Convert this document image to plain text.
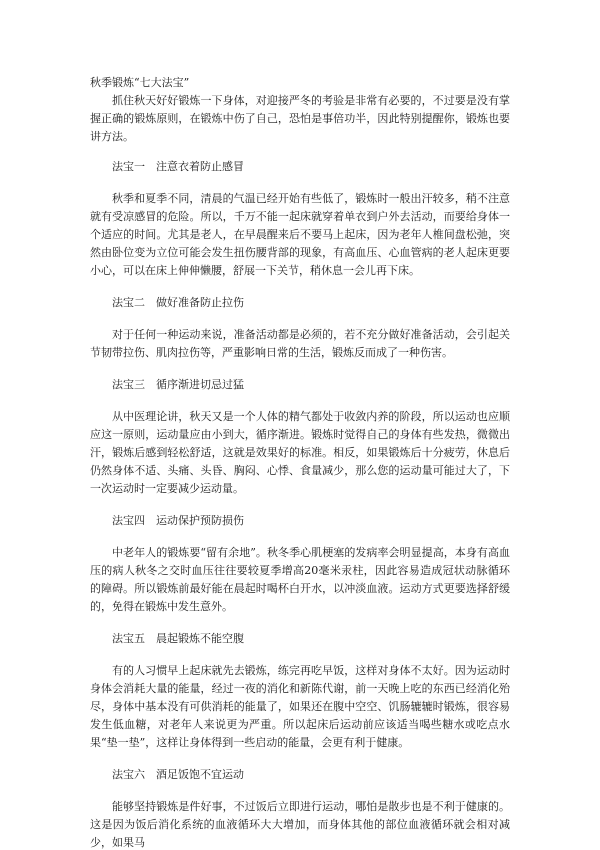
秋季锻炼“七大法宝”

抓住秋天好好锻炼一下身体，对迎接严冬的考验是非常有必要的，不过要是没有掌握正确的锻炼原则，在锻炼中伤了自己，恐怕是事倍功半，因此特别提醒你，锻炼也要讲方法。

法宝一　注意衣着防止感冒

秋季和夏季不同，清晨的气温已经开始有些低了，锻炼时一般出汗较多，稍不注意就有受凉感冒的危险。所以，千万不能一起床就穿着单衣到户外去活动，而要给身体一个适应的时间。尤其是老人，在早晨醒来后不要马上起床，因为老年人椎间盘松弛，突然由卧位变为立位可能会发生扭伤腰背部的现象，有高血压、心血管病的老人起床更要小心，可以在床上伸伸懒腰，舒展一下关节，稍休息一会儿再下床。

法宝二　做好准备防止拉伤

对于任何一种运动来说，准备活动都是必须的，若不充分做好准备活动，会引起关节韧带拉伤、肌肉拉伤等，严重影响日常的生活，锻炼反而成了一种伤害。

法宝三　循序渐进切忌过猛

从中医理论讲，秋天又是一个人体的精气都处于收敛内养的阶段，所以运动也应顺应这一原则，运动量应由小到大，循序渐进。锻炼时觉得自己的身体有些发热，微微出汗，锻炼后感到轻松舒适，这就是效果好的标准。相反，如果锻炼后十分疲劳，休息后仍然身体不适、头痛、头昏、胸闷、心悸、食量减少，那么您的运动量可能过大了，下一次运动时一定要减少运动量。

法宝四　运动保护预防损伤

中老年人的锻炼要“留有余地”。秋冬季心肌梗塞的发病率会明显提高，本身有高血压的病人秋冬之交时血压往往要较夏季增高20毫米汞柱，因此容易造成冠状动脉循环的障碍。所以锻炼前最好能在晨起时喝杯白开水，以冲淡血液。运动方式更要选择舒缓的，免得在锻炼中发生意外。

法宝五　晨起锻炼不能空腹

有的人习惯早上起床就先去锻炼，练完再吃早饭，这样对身体不太好。因为运动时身体会消耗大量的能量，经过一夜的消化和新陈代谢，前一天晚上吃的东西已经消化殆尽，身体中基本没有可供消耗的能量了，如果还在腹中空空、饥肠辘辘时锻炼，很容易发生低血糖，对老年人来说更为严重。所以起床后运动前应该适当喝些糖水或吃点水果“垫一垫”，这样让身体得到一些启动的能量，会更有利于健康。

法宝六　酒足饭饱不宜运动

能够坚持锻炼是件好事，不过饭后立即进行运动，哪怕是散步也是不利于健康的。这是因为饭后消化系统的血液循环大大增加，而身体其他的部位血液循环就会相对减少，如果马
